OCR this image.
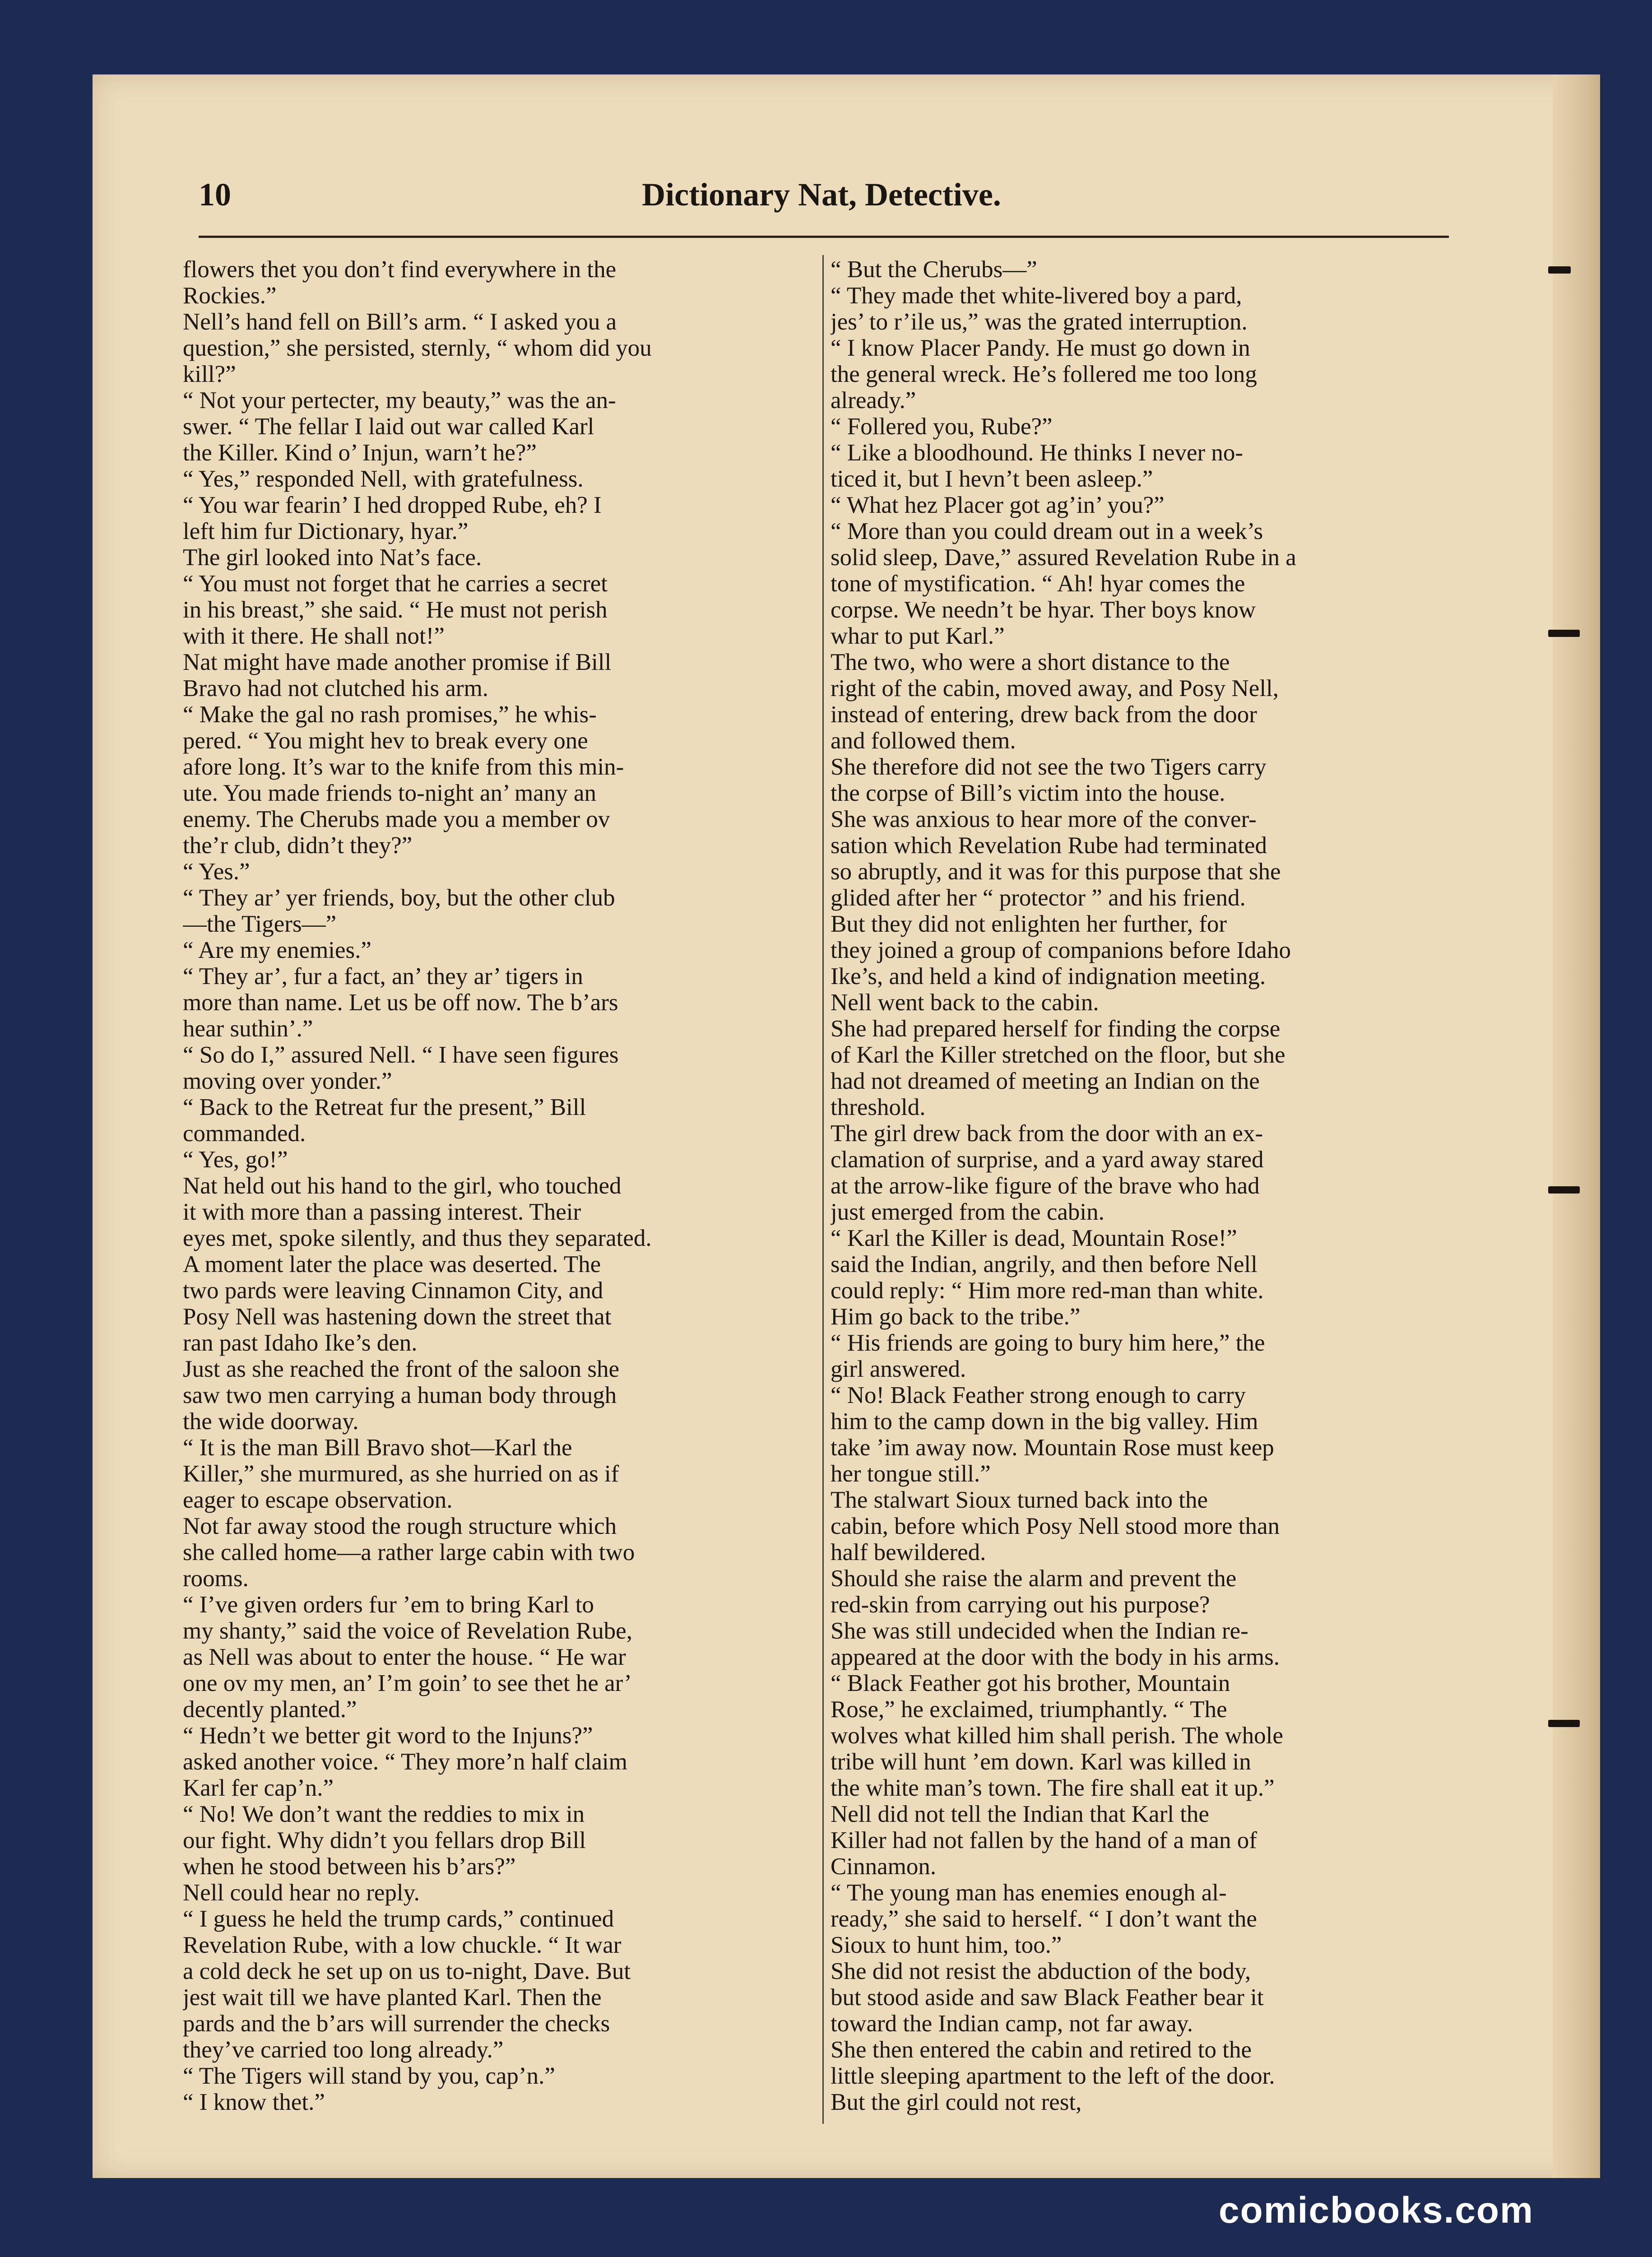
10	Dictionary Nat, Detective.
flowers thet you don’t find everywhere in the
Rockies.”
Nell’s hand fell on Bill’s arm. “ I asked you a
question,” she persisted, sternly, “ whom did you
kill?”
“ Not your pertecter, my beauty,” was the an-
swer. “ The fellar I laid out war called Karl
the Killer. Kind o’ Injun, warn’t he?”
“ Yes,” responded Nell, with gratefulness.
“ You war fearin’ I hed dropped Rube, eh? I
left him fur Dictionary, hyar.”
The girl looked into Nat’s face.
“ You must not forget that he carries a secret
in his breast,” she said. “ He must not perish
with it there. He shall not!”
Nat might have made another promise if Bill
Bravo had not clutched his arm.
“ Make the gal no rash promises,” he whis-
pered. “ You might hev to break every one
afore long. It’s war to the knife from this min-
ute. You made friends to-night an’ many an
enemy. The Cherubs made you a member ov
the’r club, didn’t they?”
“ Yes.”
“ They ar’ yer friends, boy, but the other club
—the Tigers—”
“ Are my enemies.”
“ They ar’, fur a fact, an’ they ar’ tigers in
more than name. Let us be off now. The b’ars
hear suthin’.”
“ So do I,” assured Nell. “ I have seen figures
moving over yonder.”
“ Back to the Retreat fur the present,” Bill
commanded.
“ Yes, go!”
Nat held out his hand to the girl, who touched
it with more than a passing interest. Their
eyes met, spoke silently, and thus they separated.
A moment later the place was deserted. The
two pards were leaving Cinnamon City, and
Posy Nell was hastening down the street that
ran past Idaho Ike’s den.
Just as she reached the front of the saloon she
saw two men carrying a human body through
the wide doorway.
“ It is the man Bill Bravo shot—Karl the
Killer,” she murmured, as she hurried on as if
eager to escape observation.
Not far away stood the rough structure which
she called home—a rather large cabin with two
rooms.
“ I’ve given orders fur ’em to bring Karl to
my shanty,” said the voice of Revelation Rube,
as Nell was about to enter the house. “ He war
one ov my men, an’ I’m goin’ to see thet he ar’
decently planted.”
“ Hedn’t we better git word to the Injuns?”
asked another voice. “ They more’n half claim
Karl fer cap’n.”
“ No! We don’t want the reddies to mix in
our fight. Why didn’t you fellars drop Bill
when he stood between his b’ars?”
Nell could hear no reply.
“ I guess he held the trump cards,” continued
Revelation Rube, with a low chuckle. “ It war
a cold deck he set up on us to-night, Dave. But
jest wait till we have planted Karl. Then the
pards and the b’ars will surrender the checks
they’ve carried too long already.”
“ The Tigers will stand by you, cap’n.”
“ I know thet.”
“ But the Cherubs—”
“ They made thet white-livered boy a pard,
jes’ to r’ile us,” was the grated interruption.
“ I know Placer Pandy. He must go down in
the general wreck. He’s follered me too long
already.”
“ Follered you, Rube?”
“ Like a bloodhound. He thinks I never no-
ticed it, but I hevn’t been asleep.”
“ What hez Placer got ag’in’ you?”
“ More than you could dream out in a week’s
solid sleep, Dave,” assured Revelation Rube in a
tone of mystification. “ Ah! hyar comes the
corpse. We needn’t be hyar. Ther boys know
whar to put Karl.”
The two, who were a short distance to the
right of the cabin, moved away, and Posy Nell,
instead of entering, drew back from the door
and followed them.
She therefore did not see the two Tigers carry
the corpse of Bill’s victim into the house.
She was anxious to hear more of the conver-
sation which Revelation Rube had terminated
so abruptly, and it was for this purpose that she
glided after her “ protector ” and his friend.
But they did not enlighten her further, for
they joined a group of companions before Idaho
Ike’s, and held a kind of indignation meeting.
Nell went back to the cabin.
She had prepared herself for finding the corpse
of Karl the Killer stretched on the floor, but she
had not dreamed of meeting an Indian on the
threshold.
The girl drew back from the door with an ex-
clamation of surprise, and a yard away stared
at the arrow-like figure of the brave who had
just emerged from the cabin.
“ Karl the Killer is dead, Mountain Rose!”
said the Indian, angrily, and then before Nell
could reply: “ Him more red-man than white.
Him go back to the tribe.”
“ His friends are going to bury him here,” the
girl answered.
“ No! Black Feather strong enough to carry
him to the camp down in the big valley. Him
take ’im away now. Mountain Rose must keep
her tongue still.”
The stalwart Sioux turned back into the
cabin, before which Posy Nell stood more than
half bewildered.
Should she raise the alarm and prevent the
red-skin from carrying out his purpose?
She was still undecided when the Indian re-
appeared at the door with the body in his arms.
“ Black Feather got his brother, Mountain
Rose,” he exclaimed, triumphantly. “ The
wolves what killed him shall perish. The whole
tribe will hunt ’em down. Karl was killed in
the white man’s town. The fire shall eat it up.”
Nell did not tell the Indian that Karl the
Killer had not fallen by the hand of a man of
Cinnamon.
“ The young man has enemies enough al-
ready,” she said to herself. “ I don’t want the
Sioux to hunt him, too.”
She did not resist the abduction of the body,
but stood aside and saw Black Feather bear it
toward the Indian camp, not far away.
She then entered the cabin and retired to the
little sleeping apartment to the left of the door.
But the girl could not rest,
comicbooks.com
